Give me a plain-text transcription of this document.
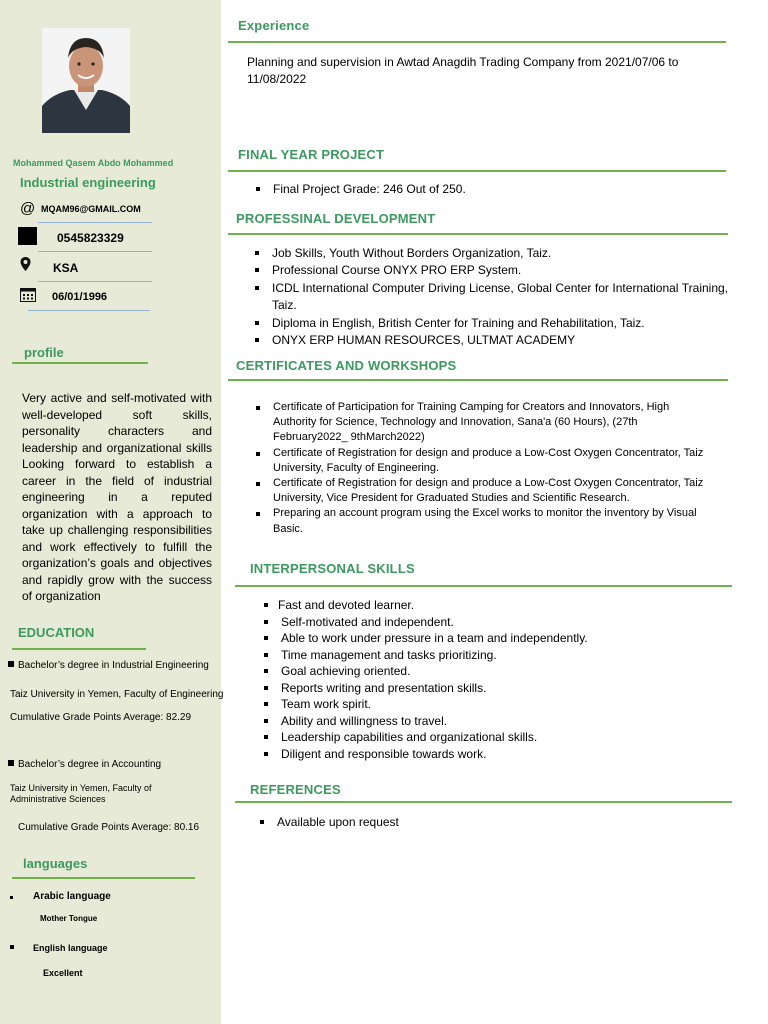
Mohammed Qasem Abdo Mohammed
Industrial engineering
@ MQAM96@GMAIL.COM
0545823329
KSA
06/01/1996
profile
Very active and self-motivated with well-developed soft skills, personality characters and leadership and organizational skills Looking forward to establish a career in the field of industrial engineering in a reputed organization with a approach to take up challenging responsibilities and work effectively to fulfill the organization’s goals and objectives and rapidly grow with the success of organization
EDUCATION
Bachelor’s degree in Industrial Engineering
Taiz University in Yemen, Faculty of Engineering
Cumulative Grade Points Average: 82.29
Bachelor’s degree in Accounting
Taiz University in Yemen, Faculty of Administrative Sciences
Cumulative Grade Points Average: 80.16
languages
Arabic language
Mother Tongue
English language
Excellent
Experience
Planning and supervision in Awtad Anagdih Trading Company from 2021/07/06 to 11/08/2022
FINAL YEAR PROJECT
Final Project Grade: 246 Out of 250.
PROFESSINAL DEVELOPMENT
Job Skills, Youth Without Borders Organization, Taiz.
Professional Course ONYX PRO ERP System.
ICDL International Computer Driving License, Global Center for International Training, Taiz.
Diploma in English, British Center for Training and Rehabilitation, Taiz.
ONYX ERP HUMAN RESOURCES, ULTMAT ACADEMY
CERTIFICATES AND WORKSHOPS
Certificate of Participation for Training Camping for Creators and Innovators, High Authority for Science, Technology and Innovation, Sana'a (60 Hours), (27th February2022_ 9thMarch2022)
Certificate of Registration for design and produce a Low-Cost Oxygen Concentrator, Taiz University, Faculty of Engineering.
Certificate of Registration for design and produce a Low-Cost Oxygen Concentrator, Taiz University, Vice President for Graduated Studies and Scientific Research.
Preparing an account program using the Excel works to monitor the inventory by Visual Basic.
INTERPERSONAL SKILLS
Fast and devoted learner.
Self-motivated and independent.
Able to work under pressure in a team and independently.
Time management and tasks prioritizing.
Goal achieving oriented.
Reports writing and presentation skills.
Team work spirit.
Ability and willingness to travel.
Leadership capabilities and organizational skills.
Diligent and responsible towards work.
REFERENCES
Available upon request
